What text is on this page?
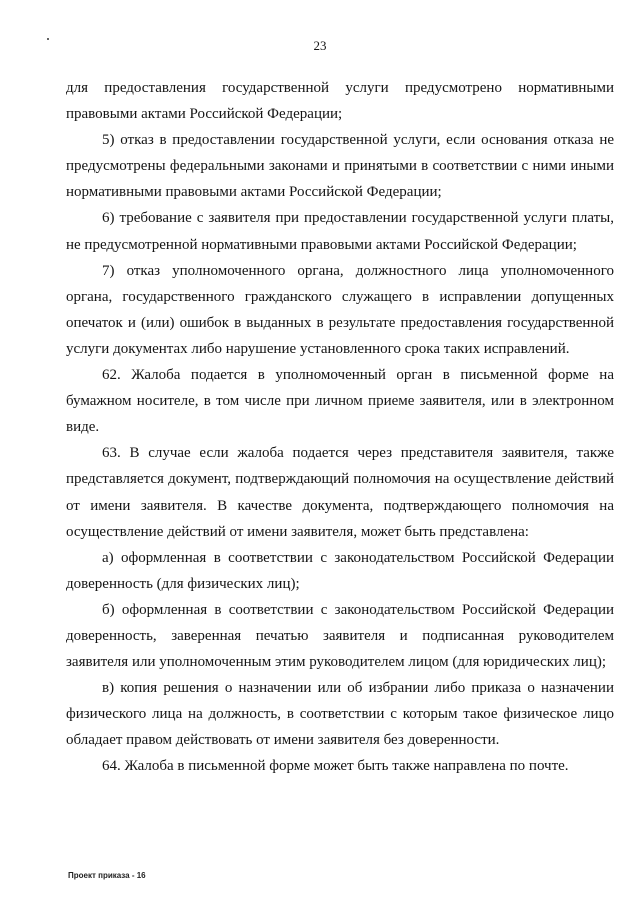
23

для предоставления государственной услуги предусмотрено нормативными правовыми актами Российской Федерации;

5) отказ в предоставлении государственной услуги, если основания отказа не предусмотрены федеральными законами и принятыми в соответствии с ними иными нормативными правовыми актами Российской Федерации;

6) требование с заявителя при предоставлении государственной услуги платы, не предусмотренной нормативными правовыми актами Российской Федерации;

7) отказ уполномоченного органа, должностного лица уполномоченного органа, государственного гражданского служащего в исправлении допущенных опечаток и (или) ошибок в выданных в результате предоставления государственной услуги документах либо нарушение установленного срока таких исправлений.

62. Жалоба подается в уполномоченный орган в письменной форме на бумажном носителе, в том числе при личном приеме заявителя, или в электронном виде.

63. В случае если жалоба подается через представителя заявителя, также представляется документ, подтверждающий полномочия на осуществление действий от имени заявителя. В качестве документа, подтверждающего полномочия на осуществление действий от имени заявителя, может быть представлена:

а) оформленная в соответствии с законодательством Российской Федерации доверенность (для физических лиц);

б) оформленная в соответствии с законодательством Российской Федерации доверенность, заверенная печатью заявителя и подписанная руководителем заявителя или уполномоченным этим руководителем лицом (для юридических лиц);

в) копия решения о назначении или об избрании либо приказа о назначении физического лица на должность, в соответствии с которым такое физическое лицо обладает правом действовать от имени заявителя без доверенности.

64. Жалоба в письменной форме может быть также направлена по почте.

Проект приказа - 16
